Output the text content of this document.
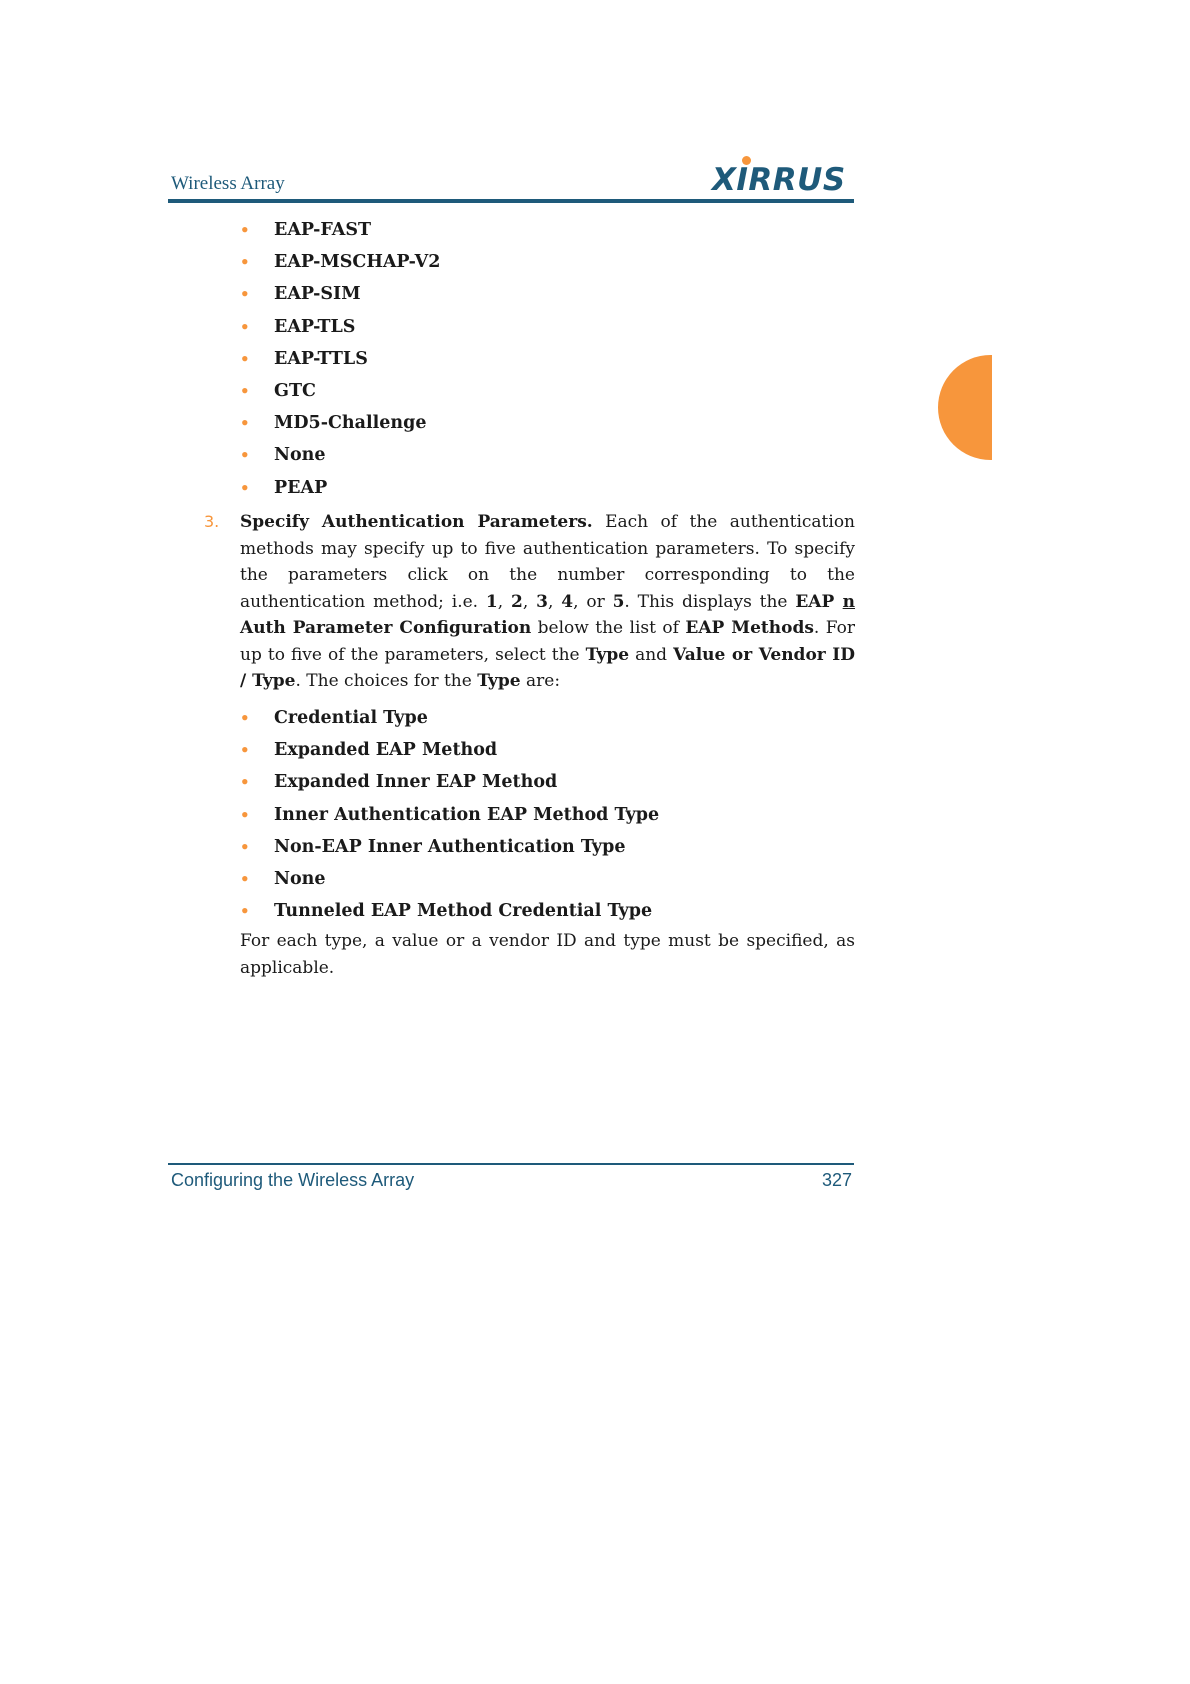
Wireless Array	XIRRUS
•	EAP-FAST
•	EAP-MSCHAP-V2
•	EAP-SIM
•	EAP-TLS
•	EAP-TTLS
•	GTC
•	MD5-Challenge
•	None
•	PEAP
3. Specify Authentication Parameters. Each of the authentication methods may specify up to five authentication parameters. To specify the parameters click on the number corresponding to the authentication method; i.e. 1, 2, 3, 4, or 5. This displays the EAP n Auth Parameter Configuration below the list of EAP Methods. For up to five of the parameters, select the Type and Value or Vendor ID / Type. The choices for the Type are:
•	Credential Type
•	Expanded EAP Method
•	Expanded Inner EAP Method
•	Inner Authentication EAP Method Type
•	Non-EAP Inner Authentication Type
•	None
•	Tunneled EAP Method Credential Type
For each type, a value or a vendor ID and type must be specified, as applicable.
Configuring the Wireless Array	327
